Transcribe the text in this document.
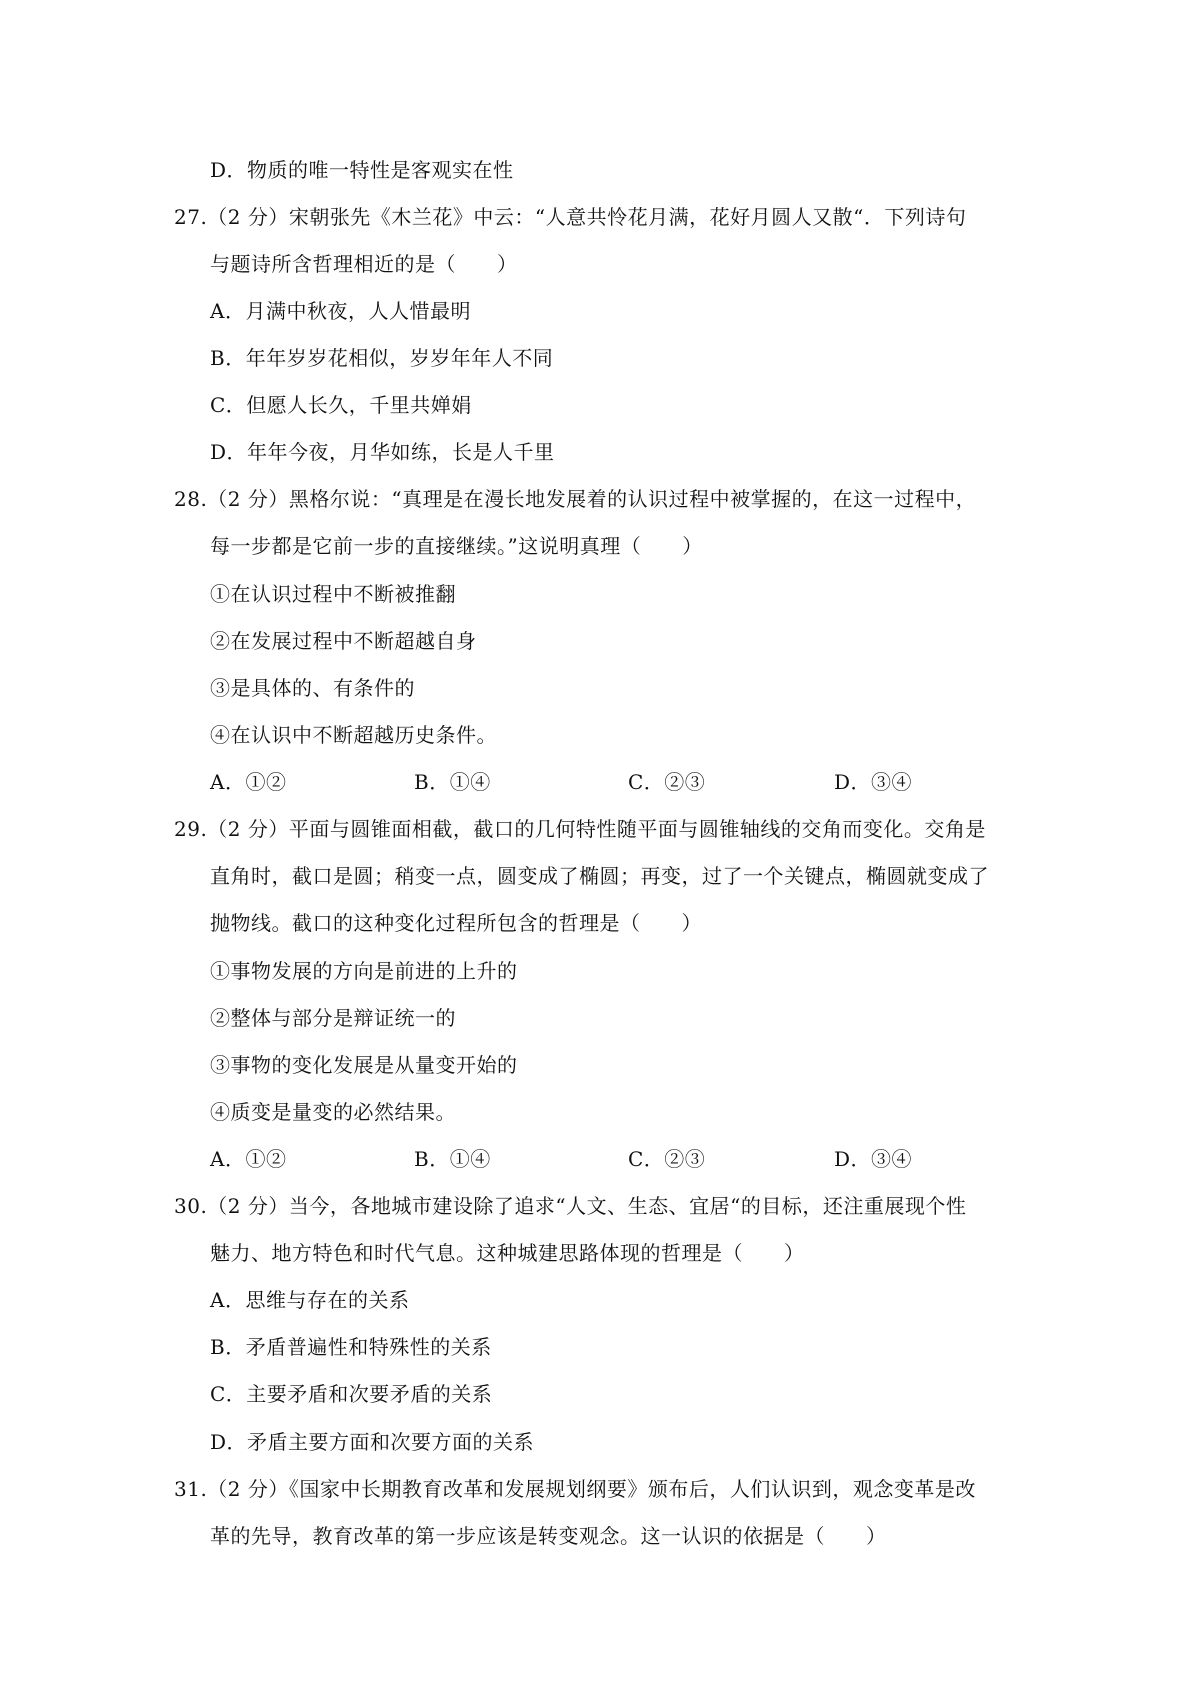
D．物质的唯一特性是客观实在性
27.（2 分）宋朝张先《木兰花》中云：“人意共怜花月满，花好月圆人又散“．下列诗句
与题诗所含哲理相近的是（　　）
A．月满中秋夜，人人惜最明
B．年年岁岁花相似，岁岁年年人不同
C．但愿人长久，千里共婵娟
D．年年今夜，月华如练，长是人千里
28.（2 分）黑格尔说：“真理是在漫长地发展着的认识过程中被掌握的，在这一过程中，
每一步都是它前一步的直接继续。”这说明真理（　　）
①在认识过程中不断被推翻
②在发展过程中不断超越自身
③是具体的、有条件的
④在认识中不断超越历史条件。
A．①②	B．①④	C．②③	D．③④
29.（2 分）平面与圆锥面相截，截口的几何特性随平面与圆锥轴线的交角而变化。交角是
直角时，截口是圆；稍变一点，圆变成了椭圆；再变，过了一个关键点，椭圆就变成了
抛物线。截口的这种变化过程所包含的哲理是（　　）
①事物发展的方向是前进的上升的
②整体与部分是辩证统一的
③事物的变化发展是从量变开始的
④质变是量变的必然结果。
A．①②	B．①④	C．②③	D．③④
30.（2 分）当今，各地城市建设除了追求“人文、生态、宜居“的目标，还注重展现个性
魅力、地方特色和时代气息。这种城建思路体现的哲理是（　　）
A．思维与存在的关系
B．矛盾普遍性和特殊性的关系
C．主要矛盾和次要矛盾的关系
D．矛盾主要方面和次要方面的关系
31.（2 分）《国家中长期教育改革和发展规划纲要》颁布后，人们认识到，观念变革是改
革的先导，教育改革的第一步应该是转变观念。这一认识的依据是（　　）
